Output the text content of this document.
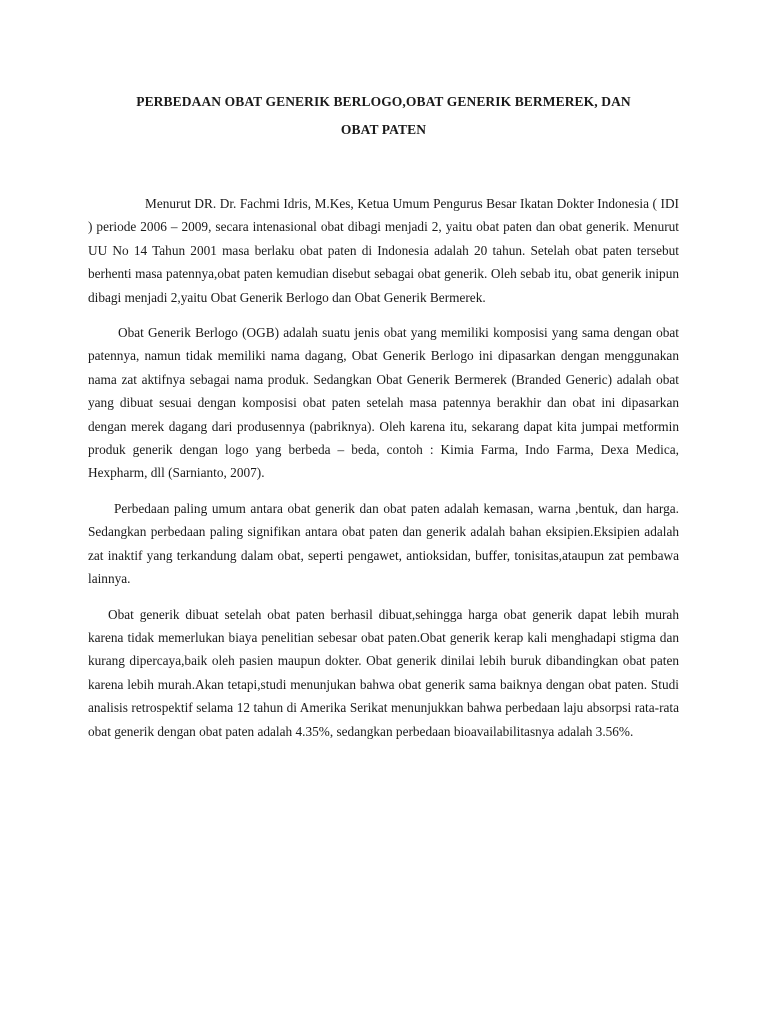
PERBEDAAN OBAT GENERIK BERLOGO,OBAT GENERIK BERMEREK, DAN

OBAT PATEN

Menurut DR. Dr. Fachmi Idris, M.Kes, Ketua Umum Pengurus Besar Ikatan Dokter Indonesia ( IDI ) periode 2006 – 2009, secara intenasional obat dibagi menjadi 2, yaitu obat paten dan obat generik. Menurut UU No 14 Tahun 2001 masa berlaku obat paten di Indonesia adalah 20 tahun. Setelah obat paten tersebut berhenti masa patennya,obat paten kemudian disebut sebagai obat generik. Oleh sebab itu, obat generik inipun dibagi menjadi 2,yaitu Obat Generik Berlogo dan Obat Generik Bermerek.

Obat Generik Berlogo (OGB) adalah suatu jenis obat yang memiliki komposisi yang sama dengan obat patennya, namun tidak memiliki nama dagang, Obat Generik Berlogo ini dipasarkan dengan menggunakan nama zat aktifnya sebagai nama produk. Sedangkan Obat Generik Bermerek (Branded Generic) adalah obat yang dibuat sesuai dengan komposisi obat paten setelah masa patennya berakhir dan obat ini dipasarkan dengan merek dagang dari produsennya (pabriknya). Oleh karena itu, sekarang dapat kita jumpai metformin produk generik dengan logo yang berbeda – beda, contoh : Kimia Farma, Indo Farma, Dexa Medica, Hexpharm, dll (Sarnianto, 2007).

Perbedaan paling umum antara obat generik dan obat paten adalah kemasan, warna ,bentuk, dan harga. Sedangkan perbedaan paling signifikan antara obat paten dan generik adalah bahan eksipien.Eksipien adalah zat inaktif yang terkandung dalam obat, seperti pengawet, antioksidan, buffer, tonisitas,ataupun zat pembawa lainnya.

Obat generik dibuat setelah obat paten berhasil dibuat,sehingga harga obat generik dapat lebih murah karena tidak memerlukan biaya penelitian sebesar obat paten.Obat generik kerap kali menghadapi stigma dan kurang dipercaya,baik oleh pasien maupun dokter. Obat generik dinilai lebih buruk dibandingkan obat paten karena lebih murah.Akan tetapi,studi menunjukan bahwa obat generik sama baiknya dengan obat paten. Studi analisis retrospektif selama 12 tahun di Amerika Serikat menunjukkan bahwa perbedaan laju absorpsi rata-rata obat generik dengan obat paten adalah 4.35%, sedangkan perbedaan bioavailabilitasnya adalah 3.56%.
